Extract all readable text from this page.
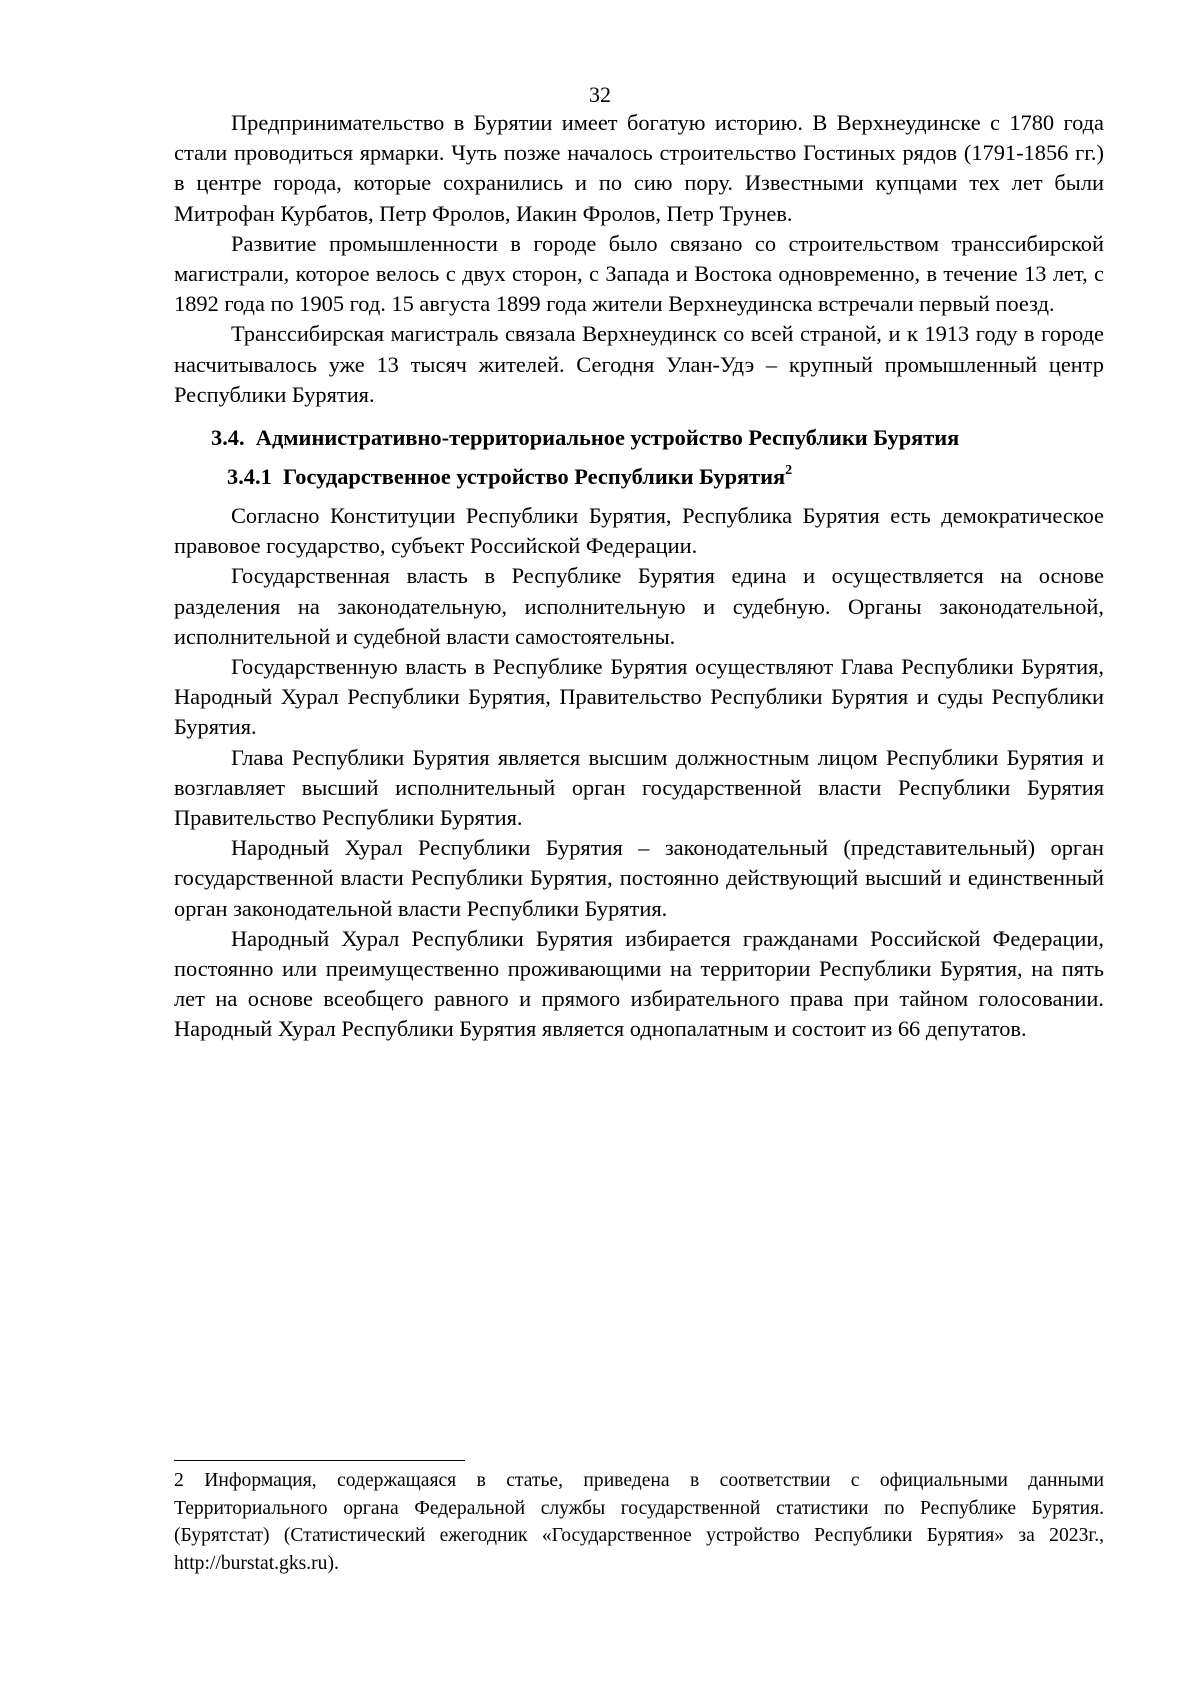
32

Предпринимательство в Бурятии имеет богатую историю. В Верхнеудинске с 1780 года стали проводиться ярмарки. Чуть позже началось строительство Гостиных рядов (1791-1856 гг.) в центре города, которые сохранились и по сию пору. Известными купцами тех лет были Митрофан Курбатов, Петр Фролов, Иакин Фролов, Петр Трунев.

Развитие промышленности в городе было связано со строительством транссибирской магистрали, которое велось с двух сторон, с Запада и Востока одновременно, в течение 13 лет, с 1892 года по 1905 год. 15 августа 1899 года жители Верхнеудинска встречали первый поезд.

Транссибирская магистраль связала Верхнеудинск со всей страной, и к 1913 году в городе насчитывалось уже 13 тысяч жителей. Сегодня Улан-Удэ – крупный промышленный центр Республики Бурятия.

3.4. Административно-территориальное устройство Республики Бурятия
3.4.1 Государственное устройство Республики Бурятия$^2$

Согласно Конституции Республики Бурятия, Республика Бурятия есть демократическое правовое государство, субъект Российской Федерации.

Государственная власть в Республике Бурятия едина и осуществляется на основе разделения на законодательную, исполнительную и судебную. Органы законодательной, исполнительной и судебной власти самостоятельны.

Государственную власть в Республике Бурятия осуществляют Глава Республики Бурятия, Народный Хурал Республики Бурятия, Правительство Республики Бурятия и суды Республики Бурятия.

Глава Республики Бурятия является высшим должностным лицом Республики Бурятия и возглавляет высший исполнительный орган государственной власти Республики Бурятия Правительство Республики Бурятия.

Народный Хурал Республики Бурятия – законодательный (представительный) орган государственной власти Республики Бурятия, постоянно действующий высший и единственный орган законодательной власти Республики Бурятия.

Народный Хурал Республики Бурятия избирается гражданами Российской Федерации, постоянно или преимущественно проживающими на территории Республики Бурятия, на пять лет на основе всеобщего равного и прямого избирательного права при тайном голосовании. Народный Хурал Республики Бурятия является однопалатным и состоит из 66 депутатов.

2 Информация, содержащаяся в статье, приведена в соответствии с официальными данными Территориального органа Федеральной службы государственной статистики по Республике Бурятия. (Бурятстат) (Статистический ежегодник «Государственное устройство Республики Бурятия» за 2023г., http://burstat.gks.ru).
